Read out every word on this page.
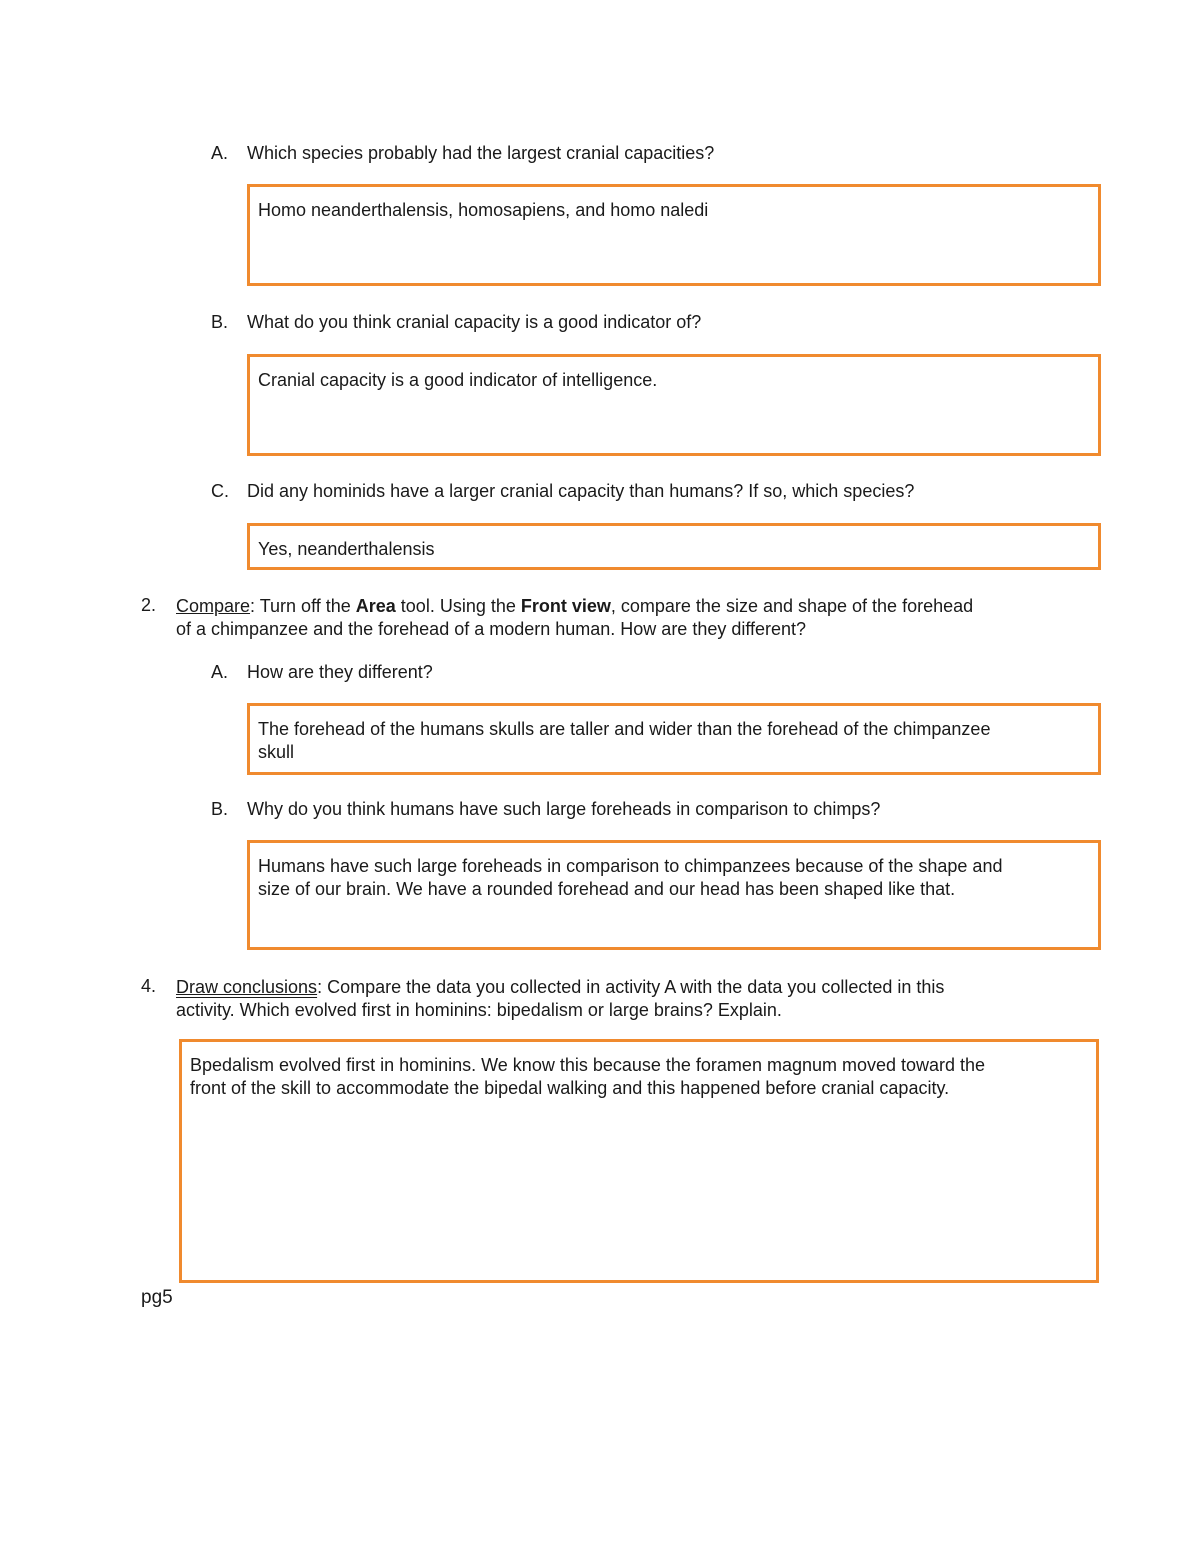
A.	Which species probably had the largest cranial capacities?
Homo neanderthalensis, homosapiens, and homo naledi
B.	What do you think cranial capacity is a good indicator of?
Cranial capacity is a good indicator of intelligence.
C.	Did any hominids have a larger cranial capacity than humans? If so, which species?
Yes, neanderthalensis
2. Compare: Turn off the Area tool. Using the Front view, compare the size and shape of the forehead
of a chimpanzee and the forehead of a modern human. How are they different?
A.	How are they different?
The forehead of the humans skulls are taller and wider than the forehead of the chimpanzee
skull
B.	Why do you think humans have such large foreheads in comparison to chimps?
Humans have such large foreheads in comparison to chimpanzees because of the shape and
size of our brain. We have a rounded forehead and our head has been shaped like that.
4. Draw conclusions: Compare the data you collected in activity A with the data you collected in this
activity. Which evolved first in hominins: bipedalism or large brains? Explain.
Bpedalism evolved first in hominins. We know this because the foramen magnum moved toward the
front of the skill to accommodate the bipedal walking and this happened before cranial capacity.
pg5
